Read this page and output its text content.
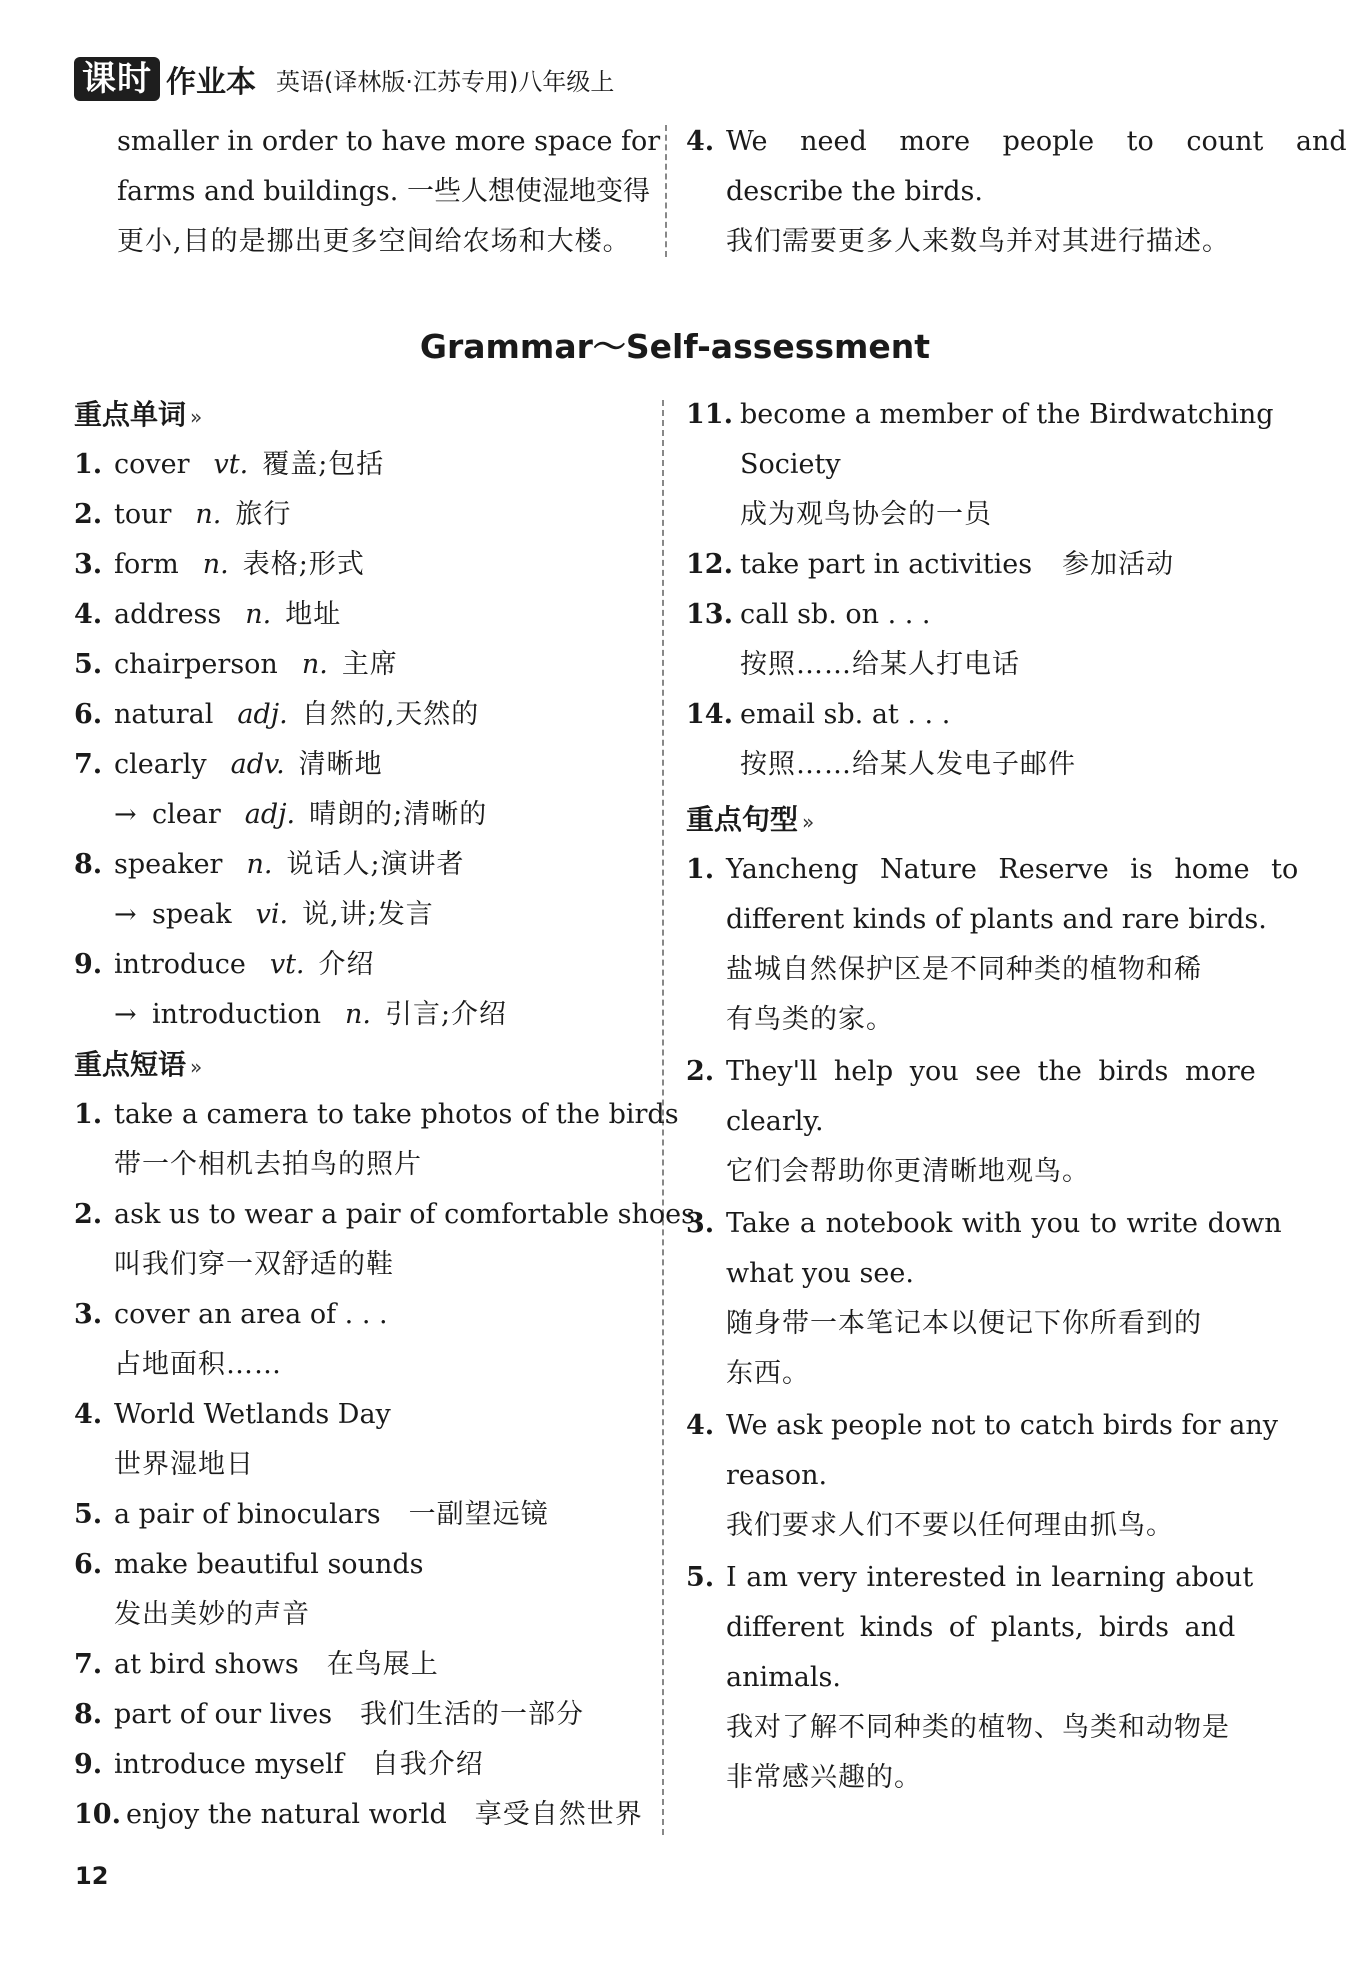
课时 作业本 英语(译林版·江苏专用)八年级上
smaller in order to have more space for
farms and buildings. 一些人想使湿地变得
更小,目的是挪出更多空间给农场和大楼。
4. We need more people to count and
describe the birds.
我们需要更多人来数鸟并对其进行描述。
Grammar～Self-assessment
重点单词 »
1. cover vt. 覆盖;包括
2. tour n. 旅行
3. form n. 表格;形式
4. address n. 地址
5. chairperson n. 主席
6. natural adj. 自然的,天然的
7. clearly adv. 清晰地
→ clear adj. 晴朗的;清晰的
8. speaker n. 说话人;演讲者
→ speak vi. 说,讲;发言
9. introduce vt. 介绍
→ introduction n. 引言;介绍
重点短语 »
1. take a camera to take photos of the birds
带一个相机去拍鸟的照片
2. ask us to wear a pair of comfortable shoes
叫我们穿一双舒适的鞋
3. cover an area of . . .
占地面积……
4. World Wetlands Day
世界湿地日
5. a pair of binoculars 一副望远镜
6. make beautiful sounds
发出美妙的声音
7. at bird shows 在鸟展上
8. part of our lives 我们生活的一部分
9. introduce myself 自我介绍
10. enjoy the natural world 享受自然世界
11. become a member of the Birdwatching
Society
成为观鸟协会的一员
12. take part in activities 参加活动
13. call sb. on . . .
按照……给某人打电话
14. email sb. at . . .
按照……给某人发电子邮件
重点句型 »
1. Yancheng Nature Reserve is home to
different kinds of plants and rare birds.
盐城自然保护区是不同种类的植物和稀
有鸟类的家。
2. They'll help you see the birds more
clearly.
它们会帮助你更清晰地观鸟。
3. Take a notebook with you to write down
what you see.
随身带一本笔记本以便记下你所看到的
东西。
4. We ask people not to catch birds for any
reason.
我们要求人们不要以任何理由抓鸟。
5. I am very interested in learning about
different kinds of plants, birds and
animals.
我对了解不同种类的植物、鸟类和动物是
非常感兴趣的。
12
